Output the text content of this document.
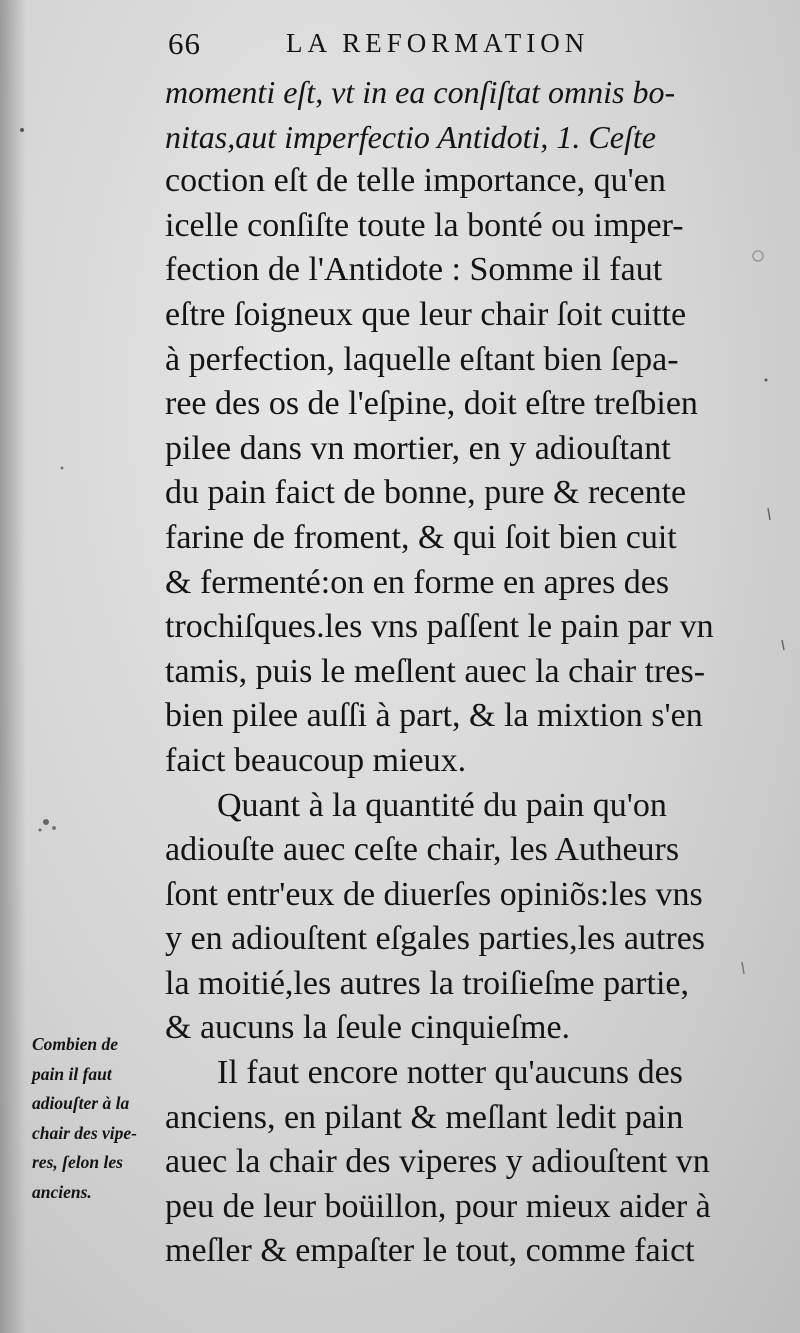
66	LA REFORMATION
momenti eſt, vt in ea conſiſtat omnis bo-
nitas,aut imperfectio Antidoti, 1. Ceſte
coction eſt de telle importance, qu'en
icelle conſiſte toute la bonté ou imper-
fection de l'Antidote : Somme il faut
eſtre ſoigneux que leur chair ſoit cuitte
à perfection, laquelle eſtant bien ſepa-
ree des os de l'eſpine, doit eſtre treſbien
pilee dans vn mortier, en y adiouſtant
du pain faict de bonne, pure & recente
farine de froment, & qui ſoit bien cuit
& fermenté:on en forme en apres des
trochiſques.les vns paſſent le pain par vn
tamis, puis le meſlent auec la chair tres-
bien pilee auſſi à part, & la mixtion s'en
faict beaucoup mieux.
Quant à la quantité du pain qu'on
adiouſte auec ceſte chair, les Autheurs
ſont entr'eux de diuerſes opiniõs:les vns
y en adiouſtent eſgales parties,les autres
la moitié,les autres la troiſieſme partie,
& aucuns la ſeule cinquieſme.
Il faut encore notter qu'aucuns des
anciens, en pilant & meſlant ledit pain
auec la chair des viperes y adiouſtent vn
peu de leur boüillon, pour mieux aider à
meſler & empaſter le tout, comme faict
Combien de
pain il faut
adiouſter à la
chair des vipe-
res, ſelon les
anciens.
